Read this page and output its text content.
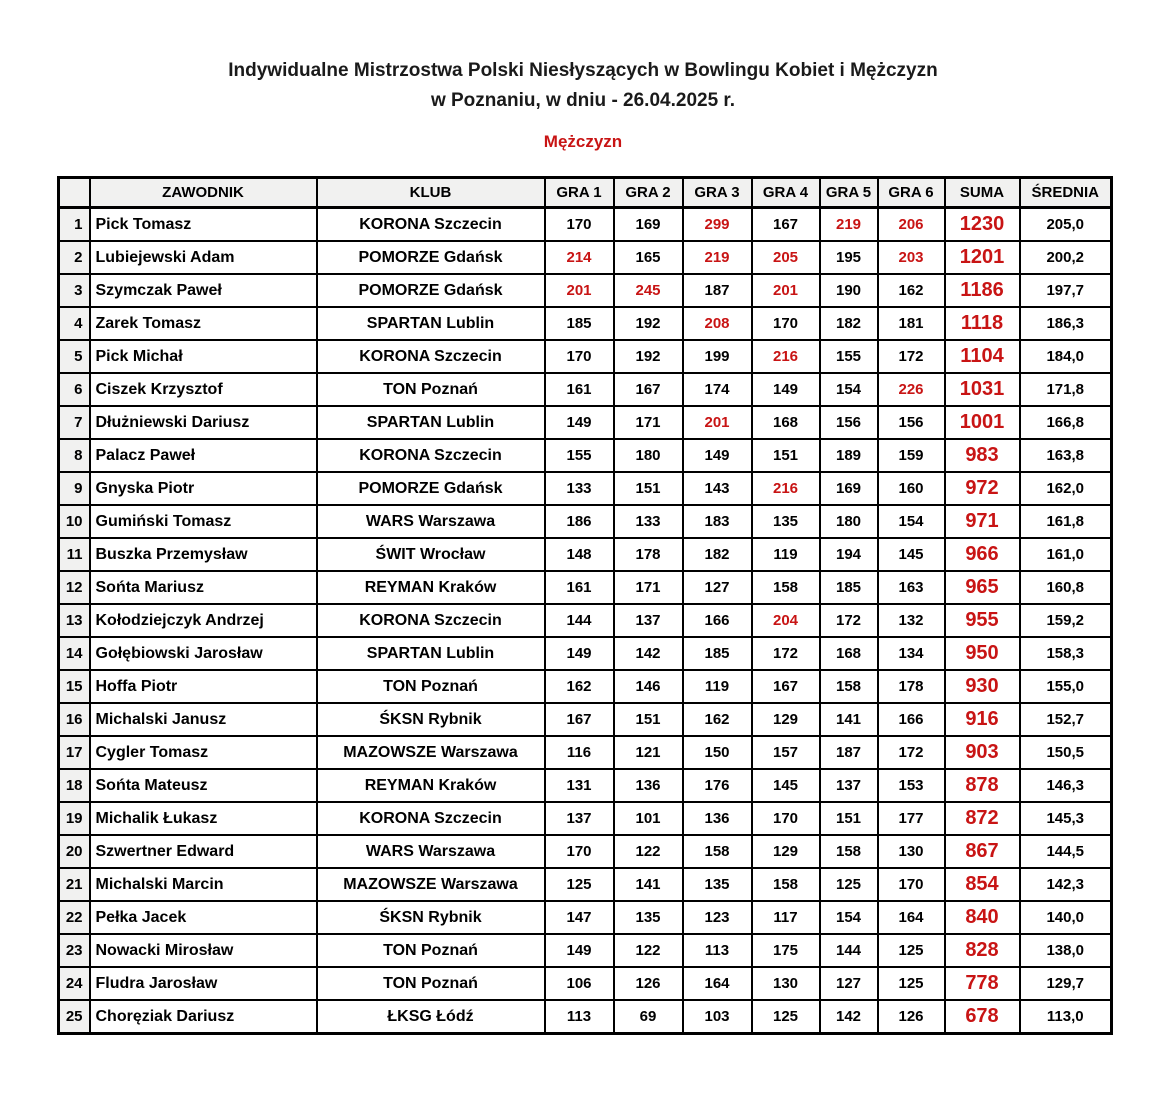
Indywidualne Mistrzostwa Polski Niesłyszących w Bowlingu Kobiet i Mężczyzn
w Poznaniu, w dniu - 26.04.2025 r.
Mężczyzn
	ZAWODNIK	KLUB	GRA 1	GRA 2	GRA 3	GRA 4	GRA 5	GRA 6	SUMA	ŚREDNIA
1	Pick Tomasz	KORONA Szczecin	170	169	299	167	219	206	1230	205,0
2	Lubiejewski Adam	POMORZE Gdańsk	214	165	219	205	195	203	1201	200,2
3	Szymczak Paweł	POMORZE Gdańsk	201	245	187	201	190	162	1186	197,7
4	Zarek Tomasz	SPARTAN Lublin	185	192	208	170	182	181	1118	186,3
5	Pick Michał	KORONA Szczecin	170	192	199	216	155	172	1104	184,0
6	Ciszek Krzysztof	TON Poznań	161	167	174	149	154	226	1031	171,8
7	Dłużniewski Dariusz	SPARTAN Lublin	149	171	201	168	156	156	1001	166,8
8	Palacz Paweł	KORONA Szczecin	155	180	149	151	189	159	983	163,8
9	Gnyska Piotr	POMORZE Gdańsk	133	151	143	216	169	160	972	162,0
10	Gumiński Tomasz	WARS Warszawa	186	133	183	135	180	154	971	161,8
11	Buszka Przemysław	ŚWIT Wrocław	148	178	182	119	194	145	966	161,0
12	Sońta Mariusz	REYMAN Kraków	161	171	127	158	185	163	965	160,8
13	Kołodziejczyk Andrzej	KORONA Szczecin	144	137	166	204	172	132	955	159,2
14	Gołębiowski Jarosław	SPARTAN Lublin	149	142	185	172	168	134	950	158,3
15	Hoffa Piotr	TON Poznań	162	146	119	167	158	178	930	155,0
16	Michalski Janusz	ŚKSN Rybnik	167	151	162	129	141	166	916	152,7
17	Cygler Tomasz	MAZOWSZE Warszawa	116	121	150	157	187	172	903	150,5
18	Sońta Mateusz	REYMAN Kraków	131	136	176	145	137	153	878	146,3
19	Michalik Łukasz	KORONA Szczecin	137	101	136	170	151	177	872	145,3
20	Szwertner Edward	WARS Warszawa	170	122	158	129	158	130	867	144,5
21	Michalski Marcin	MAZOWSZE Warszawa	125	141	135	158	125	170	854	142,3
22	Pełka Jacek	ŚKSN Rybnik	147	135	123	117	154	164	840	140,0
23	Nowacki Mirosław	TON Poznań	149	122	113	175	144	125	828	138,0
24	Fludra Jarosław	TON Poznań	106	126	164	130	127	125	778	129,7
25	Choręziak Dariusz	ŁKSG Łódź	113	69	103	125	142	126	678	113,0
